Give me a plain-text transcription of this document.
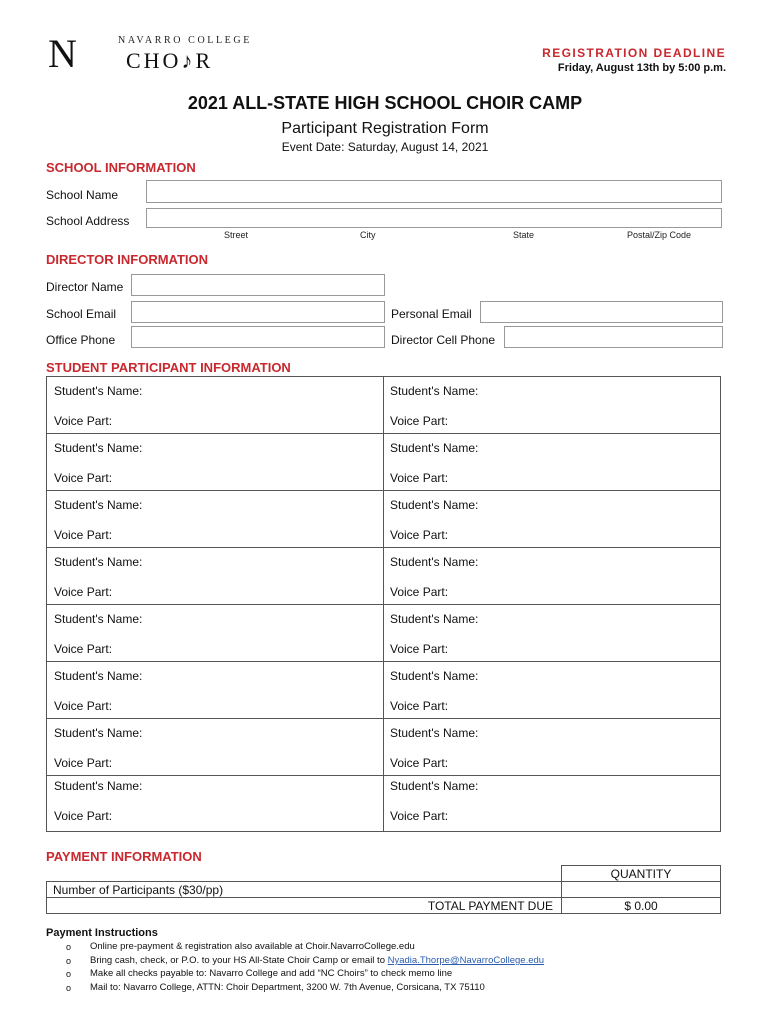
N	NAVARRO COLLEGE
CHO♪R	REGISTRATION DEADLINE
Friday, August 13th by 5:00 p.m.
2021 ALL-STATE HIGH SCHOOL CHOIR CAMP
Participant Registration Form
Event Date: Saturday, August 14, 2021
SCHOOL INFORMATION
School Name
School Address
Street	City	State	Postal/Zip Code
DIRECTOR INFORMATION
Director Name
School Email	Personal Email
Office Phone	Director Cell Phone
STUDENT PARTICIPANT INFORMATION
Student's Name:
Voice Part:
Student's Name:
Voice Part:
Student's Name:
Voice Part:
Student's Name:
Voice Part:
Student's Name:
Voice Part:
Student's Name:
Voice Part:
Student's Name:
Voice Part:
Student's Name:
Voice Part:
Student's Name:
Voice Part:
Student's Name:
Voice Part:
Student's Name:
Voice Part:
Student's Name:
Voice Part:
Student's Name:
Voice Part:
Student's Name:
Voice Part:
Student's Name:
Voice Part:
Student's Name:
Voice Part:
PAYMENT INFORMATION
QUANTITY
Number of Participants ($30/pp)
TOTAL PAYMENT DUE	$ 0.00
Payment Instructions
o Online pre-payment & registration also available at Choir.NavarroCollege.edu
o Bring cash, check, or P.O. to your HS All-State Choir Camp or email to Nyadia.Thorpe@NavarroCollege.edu
o Make all checks payable to: Navarro College and add “NC Choirs” to check memo line
o Mail to: Navarro College, ATTN: Choir Department, 3200 W. 7th Avenue, Corsicana, TX 75110
